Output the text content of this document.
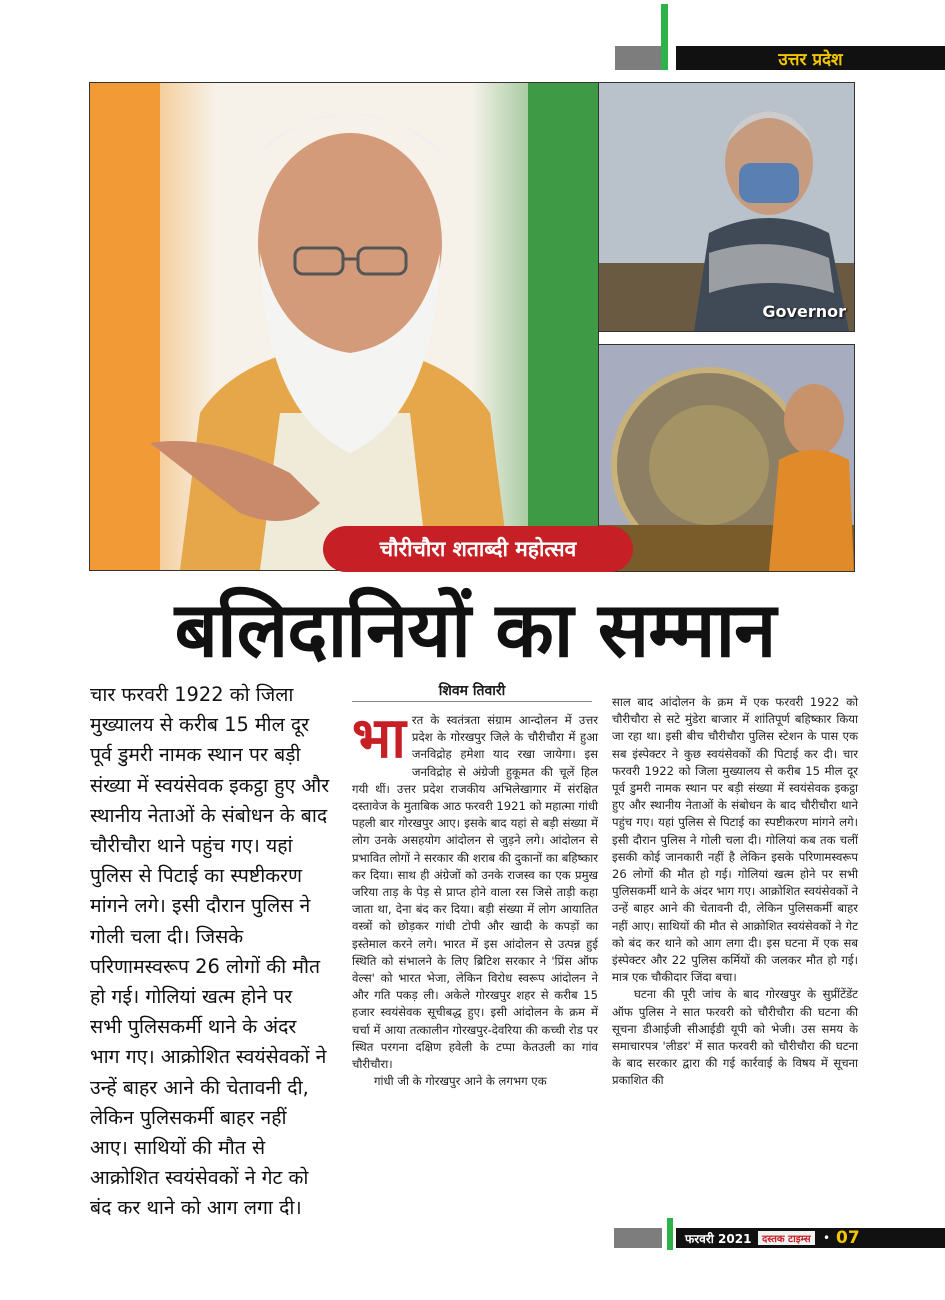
उत्तर प्रदेश
Governor
चौरीचौरा शताब्दी महोत्सव
बलिदानियों का सम्मान
चार फरवरी 1922 को जिला मुख्यालय से करीब 15 मील दूर पूर्व डुमरी नामक स्थान पर बड़ी संख्या में स्वयंसेवक इकट्ठा हुए और स्थानीय नेताओं के संबोधन के बाद चौरीचौरा थाने पहुंच गए। यहां पुलिस से पिटाई का स्पष्टीकरण मांगने लगे। इसी दौरान पुलिस ने गोली चला दी। जिसके परिणामस्वरूप 26 लोगों की मौत हो गई। गोलियां खत्म होने पर सभी पुलिसकर्मी थाने के अंदर भाग गए। आक्रोशित स्वयंसेवकों ने उन्हें बाहर आने की चेतावनी दी, लेकिन पुलिसकर्मी बाहर नहीं आए। साथियों की मौत से आक्रोशित स्वयंसेवकों ने गेट को बंद कर थाने को आग लगा दी।
शिवम तिवारी
भा रत के स्वतंत्रता संग्राम आन्दोलन में उत्तर प्रदेश के गोरखपुर जिले के चौरीचौरा में हुआ जनविद्रोह हमेशा याद रखा जायेगा। इस जनविद्रोह से अंग्रेजी हुकूमत की चूलें हिल गयी थीं। उत्तर प्रदेश राजकीय अभिलेखागार में संरक्षित दस्तावेज के मुताबिक आठ फरवरी 1921 को महात्मा गांधी पहली बार गोरखपुर आए। इसके बाद यहां से बड़ी संख्या में लोग उनके असहयोग आंदोलन से जुड़ने लगे। आंदोलन से प्रभावित लोगों ने सरकार की शराब की दुकानों का बहिष्कार कर दिया। साथ ही अंग्रेजों को उनके राजस्व का एक प्रमुख जरिया ताड़ के पेड़ से प्राप्त होने वाला रस जिसे ताड़ी कहा जाता था, देना बंद कर दिया। बड़ी संख्या में लोग आयातित वस्त्रों को छोड़कर गांधी टोपी और खादी के कपड़ों का इस्तेमाल करने लगे। भारत में इस आंदोलन से उत्पन्न हुई स्थिति को संभालने के लिए ब्रिटिश सरकार ने 'प्रिंस ऑफ वेल्स' को भारत भेजा, लेकिन विरोध स्वरूप आंदोलन ने और गति पकड़ ली। अकेले गोरखपुर शहर से करीब 15 हजार स्वयंसेवक सूचीबद्ध हुए। इसी आंदोलन के क्रम में चर्चा में आया तत्कालीन गोरखपुर-देवरिया की कच्ची रोड पर स्थित परगना दक्षिण हवेली के टप्पा केतउली का गांव चौरीचौरा।

गांधी जी के गोरखपुर आने के लगभग एक

साल बाद आंदोलन के क्रम में एक फरवरी 1922 को चौरीचौरा से सटे मुंडेरा बाजार में शांतिपूर्ण बहिष्कार किया जा रहा था। इसी बीच चौरीचौरा पुलिस स्टेशन के पास एक सब इंस्पेक्टर ने कुछ स्वयंसेवकों की पिटाई कर दी। चार फरवरी 1922 को जिला मुख्यालय से करीब 15 मील दूर पूर्व डुमरी नामक स्थान पर बड़ी संख्या में स्वयंसेवक इकट्ठा हुए और स्थानीय नेताओं के संबोधन के बाद चौरीचौरा थाने पहुंच गए। यहां पुलिस से पिटाई का स्पष्टीकरण मांगने लगे। इसी दौरान पुलिस ने गोली चला दी। गोलियां कब तक चलीं इसकी कोई जानकारी नहीं है लेकिन इसके परिणामस्वरूप 26 लोगों की मौत हो गई। गोलियां खत्म होने पर सभी पुलिसकर्मी थाने के अंदर भाग गए। आक्रोशित स्वयंसेवकों ने उन्हें बाहर आने की चेतावनी दी, लेकिन पुलिसकर्मी बाहर नहीं आए। साथियों की मौत से आक्रोशित स्वयंसेवकों ने गेट को बंद कर थाने को आग लगा दी। इस घटना में एक सब इंस्पेक्टर और 22 पुलिस कर्मियों की जलकर मौत हो गई। मात्र एक चौकीदार जिंदा बचा।

घटना की पूरी जांच के बाद गोरखपुर के सुप्रींटेंडेंट ऑफ पुलिस ने सात फरवरी को चौरीचौरा की घटना की सूचना डीआईजी सीआईडी यूपी को भेजी। उस समय के समाचारपत्र 'लीडर' में सात फरवरी को चौरीचौरा की घटना के बाद सरकार द्वारा की गई कार्रवाई के विषय में सूचना प्रकाशित की

फरवरी 2021	दस्तक टाइम्स	• 07
